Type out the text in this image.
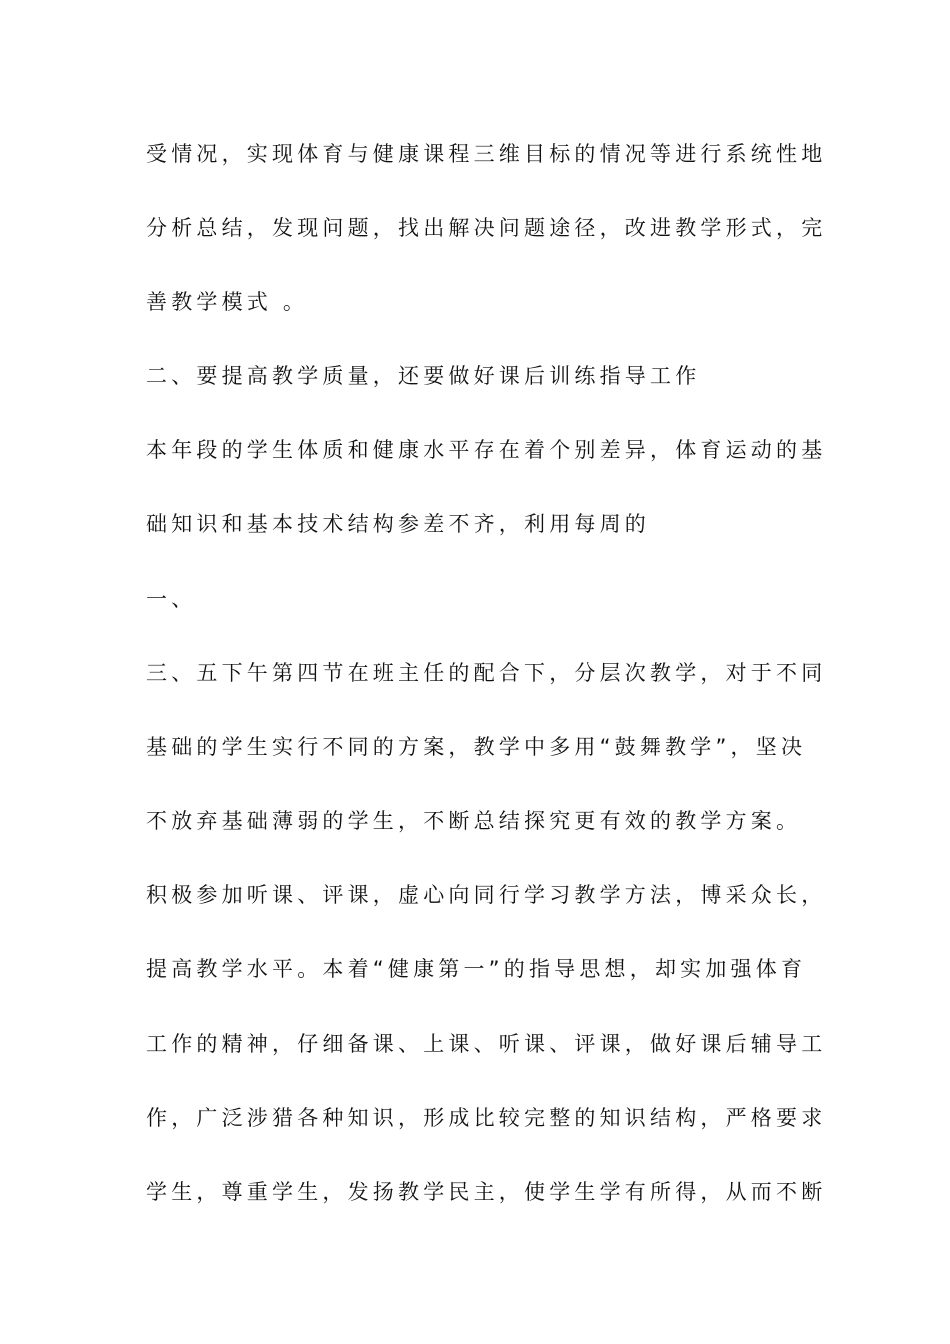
受情况，实现体育与健康课程三维目标的情况等进行系统性地
分析总结，发现问题，找出解决问题途径，改进教学形式，完
善教学模式 。
二、要提高教学质量，还要做好课后训练指导工作
本年段的学生体质和健康水平存在着个别差异，体育运动的基
础知识和基本技术结构参差不齐，利用每周的
一、
三、五下午第四节在班主任的配合下，分层次教学，对于不同
基础的学生实行不同的方案，教学中多用“鼓舞教学”，坚决
不放弃基础薄弱的学生，不断总结探究更有效的教学方案。
积极参加听课、评课，虚心向同行学习教学方法，博采众长，
提高教学水平。本着“健康第一”的指导思想，却实加强体育
工作的精神，仔细备课、上课、听课、评课，做好课后辅导工
作，广泛涉猎各种知识，形成比较完整的知识结构，严格要求
学生，尊重学生，发扬教学民主，使学生学有所得，从而不断
